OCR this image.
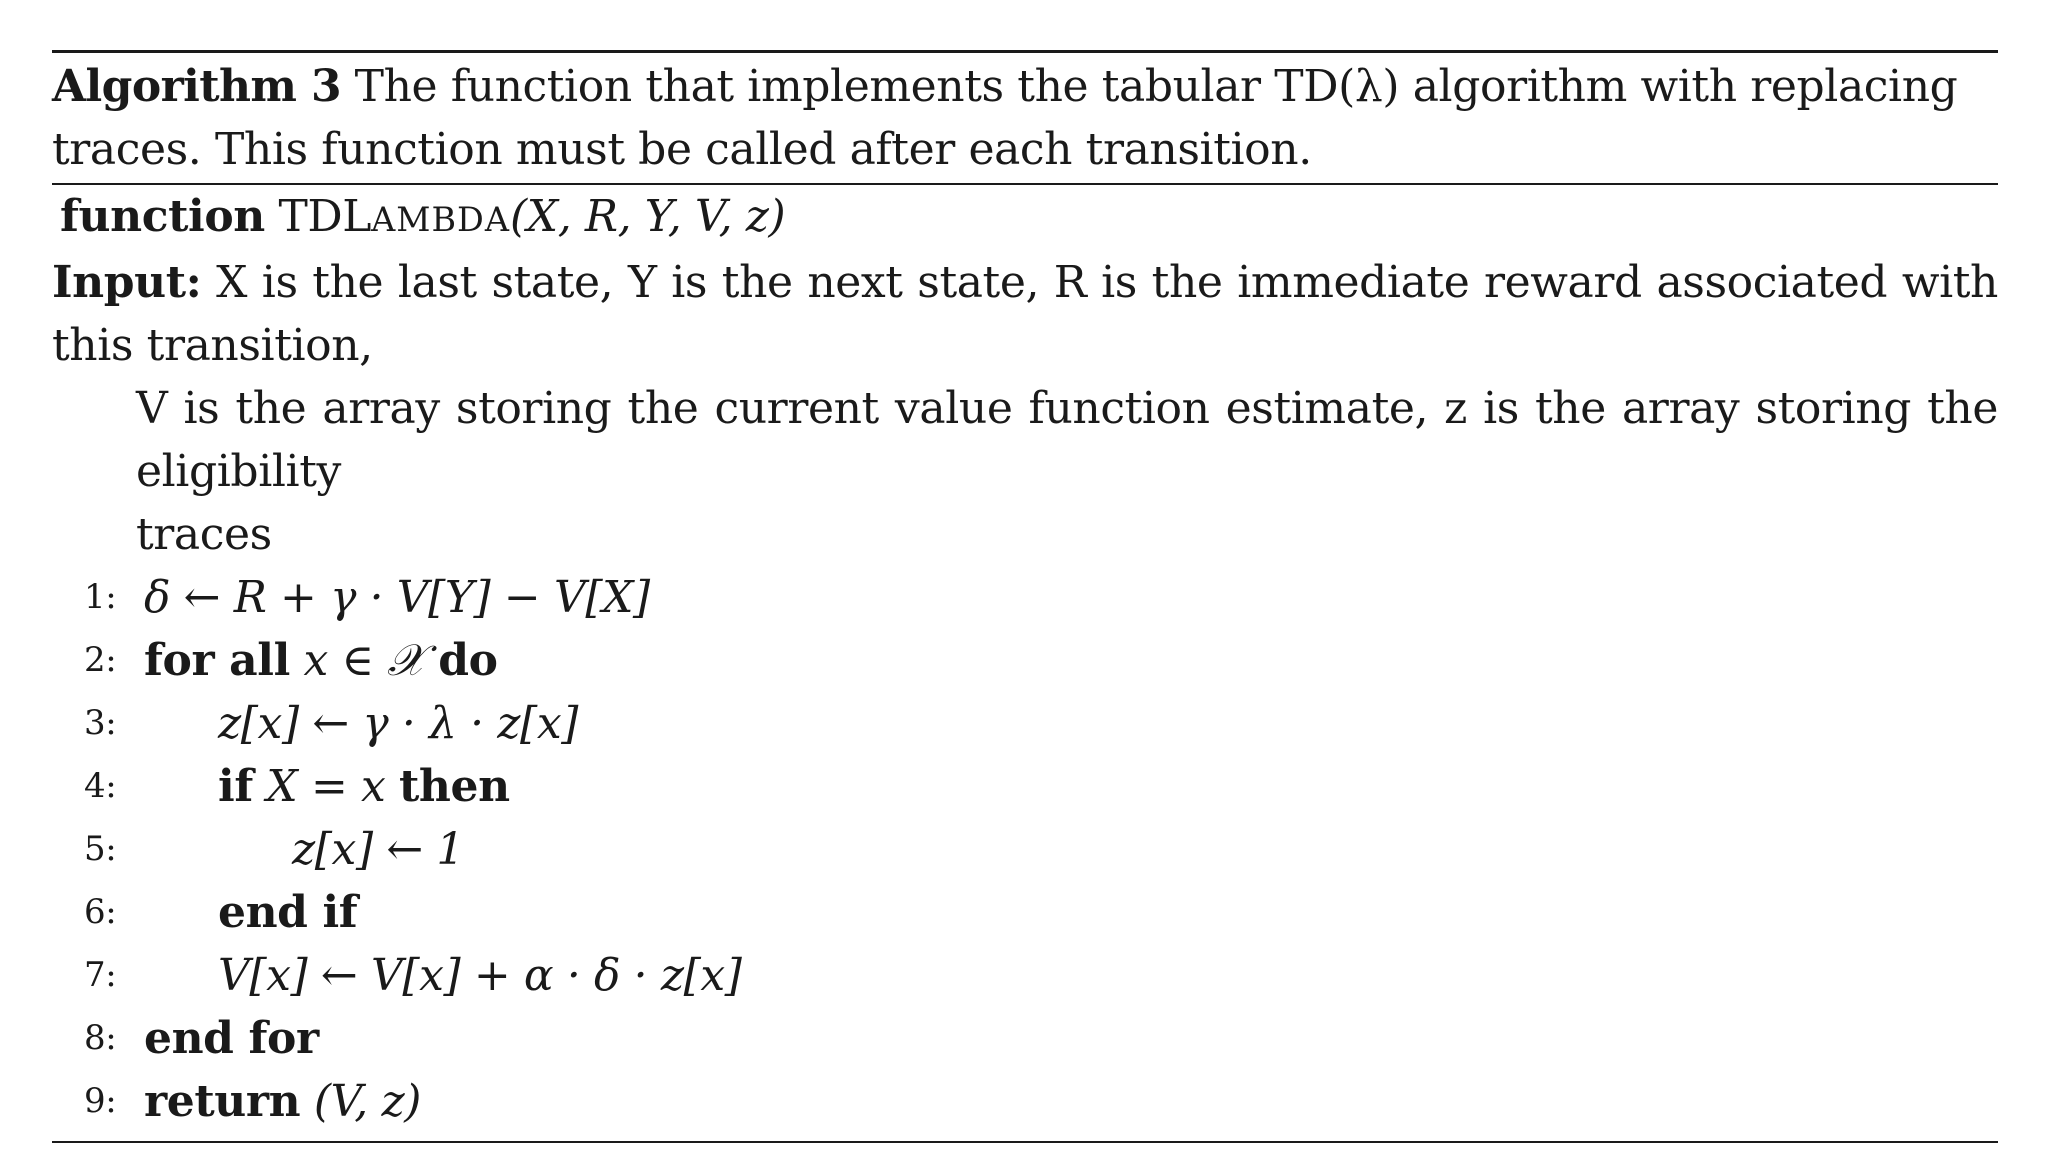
Algorithm 3 The function that implements the tabular TD(λ) algorithm with replacing traces. This function must be called after each transition.
function TDLAMBDA(X, R, Y, V, z)
Input: X is the last state, Y is the next state, R is the immediate reward associated with this transition,
V is the array storing the current value function estimate, z is the array storing the eligibility
traces
1: δ ← R + γ · V[Y] − V[X]
2: for all x ∈ 𝒳 do
3:	z[x] ← γ · λ · z[x]
4:	if X = x then
5:	z[x] ← 1
6:	end if
7:	V[x] ← V[x] + α · δ · z[x]
8: end for
9: return (V, z)
